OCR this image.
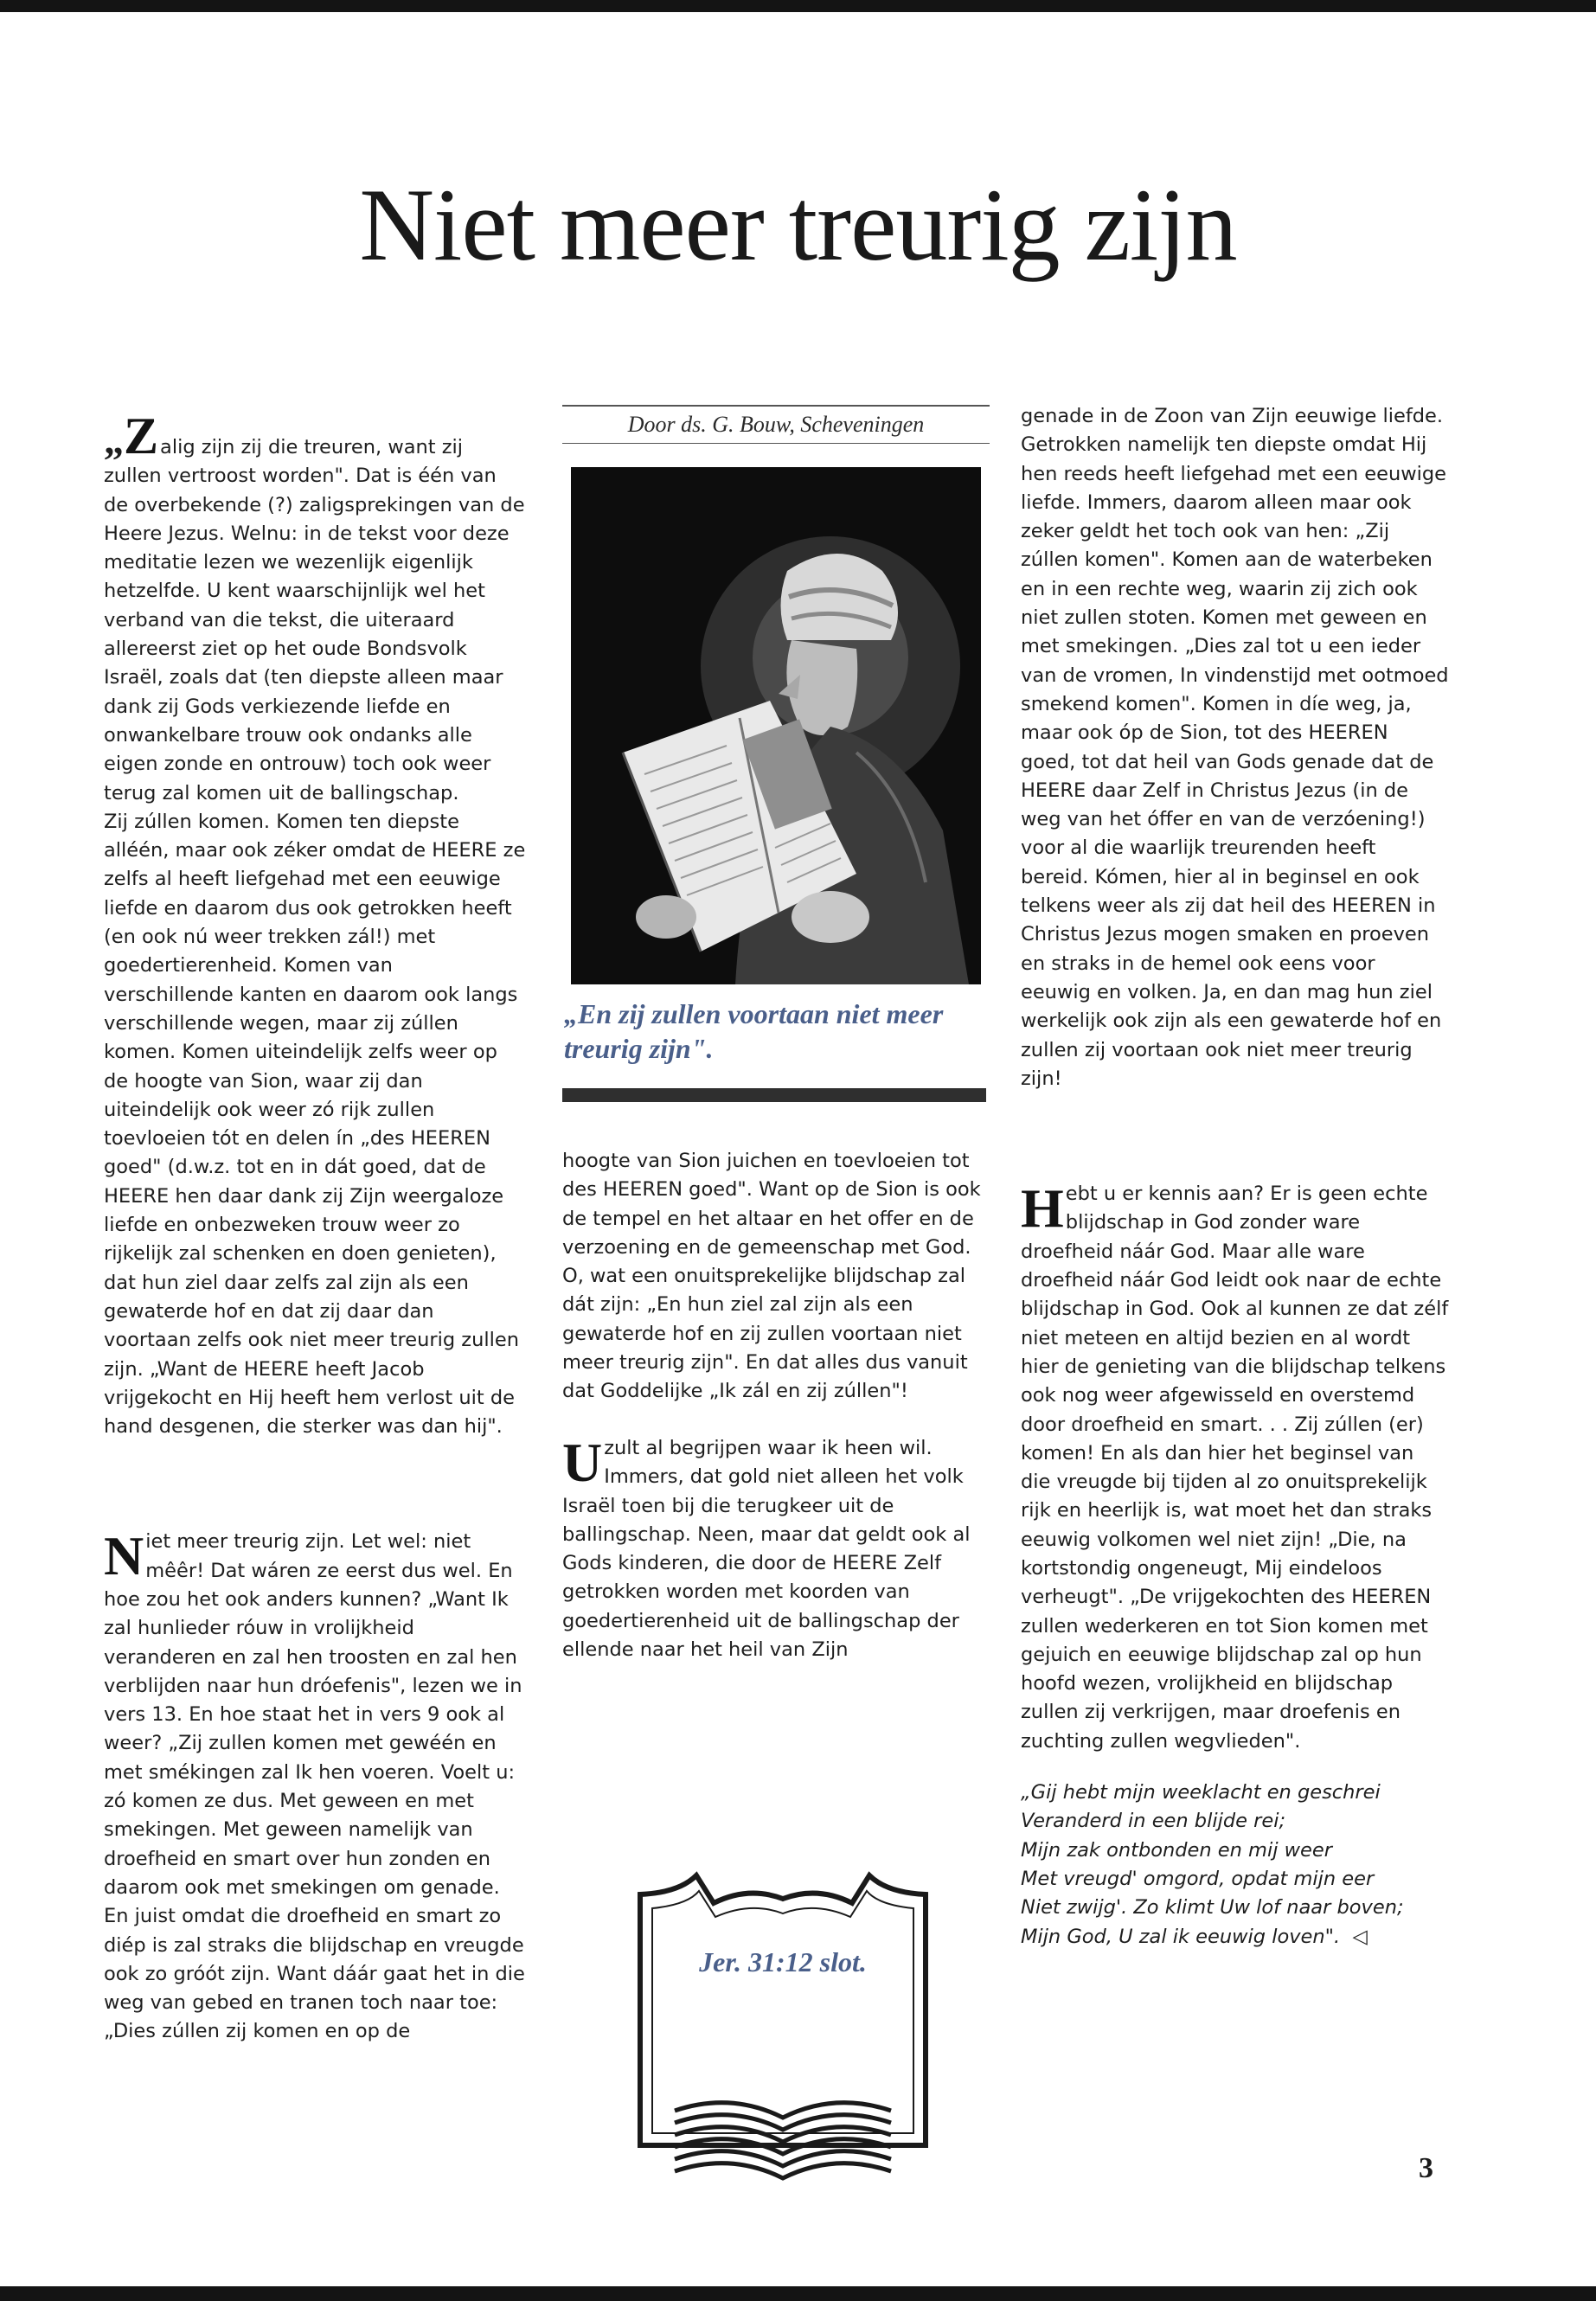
Niet meer treurig zijn

„Zalig zijn zij die treuren, want zij zullen vertroost worden". Dat is één van de overbekende (?) zaligsprekingen van de Heere Jezus. Welnu: in de tekst voor deze meditatie lezen we wezenlijk eigenlijk hetzelfde. U kent waarschijnlijk wel het verband van die tekst, die uiteraard allereerst ziet op het oude Bondsvolk Israël, zoals dat (ten diepste alleen maar dank zij Gods verkiezende liefde en onwankelbare trouw ook ondanks alle eigen zonde en ontrouw) toch ook weer terug zal komen uit de ballingschap.

Zij zúllen komen. Komen ten diepste alléén, maar ook zéker omdat de HEERE ze zelfs al heeft liefgehad met een eeuwige liefde en daarom dus ook getrokken heeft (en ook nú weer trekken zál!) met goedertierenheid. Komen van verschillende kanten en daarom ook langs verschillende wegen, maar zij zúllen komen. Komen uiteindelijk zelfs weer op de hoogte van Sion, waar zij dan uiteindelijk ook weer zó rijk zullen toevloeien tót en delen ín „des HEEREN goed" (d.w.z. tot en in dát goed, dat de HEERE hen daar dank zij Zijn weergaloze liefde en onbezweken trouw weer zo rijkelijk zal schenken en doen genieten), dat hun ziel daar zelfs zal zijn als een gewaterde hof en dat zij daar dan voortaan zelfs ook niet meer treurig zullen zijn. „Want de HEERE heeft Jacob vrijgekocht en Hij heeft hem verlost uit de hand desgenen, die sterker was dan hij".

Niet meer treurig zijn. Let wel: niet mêêr! Dat wáren ze eerst dus wel. En hoe zou het ook anders kunnen? „Want Ik zal hunlieder róuw in vrolijkheid veranderen en zal hen troosten en zal hen verblijden naar hun dróefenis", lezen we in vers 13. En hoe staat het in vers 9 ook al weer? „Zij zullen komen met gewéén en met smékingen zal Ik hen voeren. Voelt u: zó komen ze dus. Met geween en met smekingen. Met geween namelijk van droefheid en smart over hun zonden en daarom ook met smekingen om genade. En juist omdat die droefheid en smart zo diép is zal straks die blijdschap en vreugde ook zo gróót zijn. Want dáár gaat het in die weg van gebed en tranen toch naar toe: „Dies zúllen zij komen en op de

Door ds. G. Bouw, Scheveningen
„En zij zullen voortaan niet meer treurig zijn".

hoogte van Sion juichen en toevloeien tot des HEEREN goed". Want op de Sion is ook de tempel en het altaar en het offer en de verzoening en de gemeenschap met God. O, wat een onuitsprekelijke blijdschap zal dát zijn: „En hun ziel zal zijn als een gewaterde hof en zij zullen voortaan niet meer treurig zijn". En dat alles dus vanuit dat Goddelijke „Ik zál en zij zúllen"!

U zult al begrijpen waar ik heen wil. Immers, dat gold niet alleen het volk Israël toen bij die terugkeer uit de ballingschap. Neen, maar dat geldt ook al Gods kinderen, die door de HEERE Zelf getrokken worden met koorden van goedertierenheid uit de ballingschap der ellende naar het heil van Zijn

Jer. 31:12 slot.

genade in de Zoon van Zijn eeuwige liefde. Getrokken namelijk ten diepste omdat Hij hen reeds heeft liefgehad met een eeuwige liefde. Immers, daarom alleen maar ook zeker geldt het toch ook van hen: „Zij zúllen komen". Komen aan de waterbeken en in een rechte weg, waarin zij zich ook niet zullen stoten. Komen met geween en met smekingen. „Dies zal tot u een ieder van de vromen, In vindenstijd met ootmoed smekend komen". Komen in díe weg, ja, maar ook óp de Sion, tot des HEEREN goed, tot dat heil van Gods genade dat de HEERE daar Zelf in Christus Jezus (in de weg van het óffer en van de verzóening!) voor al die waarlijk treurenden heeft bereid. Kómen, hier al in beginsel en ook telkens weer als zij dat heil des HEEREN in Christus Jezus mogen smaken en proeven en straks in de hemel ook eens voor eeuwig en volken. Ja, en dan mag hun ziel werkelijk ook zijn als een gewaterde hof en zullen zij voortaan ook niet meer treurig zijn!

Hebt u er kennis aan? Er is geen echte blijdschap in God zonder ware droefheid náár God. Maar alle ware droefheid náár God leidt ook naar de echte blijdschap in God. Ook al kunnen ze dat zélf niet meteen en altijd bezien en al wordt hier de genieting van die blijdschap telkens ook nog weer afgewisseld en overstemd door droefheid en smart. . . Zij zúllen (er) komen! En als dan hier het beginsel van die vreugde bij tijden al zo onuitsprekelijk rijk en heerlijk is, wat moet het dan straks eeuwig volkomen wel niet zijn! „Die, na kortstondig ongeneugt, Mij eindeloos verheugt". „De vrijgekochten des HEEREN zullen wederkeren en tot Sion komen met gejuich en eeuwige blijdschap zal op hun hoofd wezen, vrolijkheid en blijdschap zullen zij verkrijgen, maar droefenis en zuchting zullen wegvlieden".

„Gij hebt mijn weeklacht en geschrei
Veranderd in een blijde rei;
Mijn zak ontbonden en mij weer
Met vreugd' omgord, opdat mijn eer
Niet zwijg'. Zo klimt Uw lof naar boven;
Mijn God, U zal ik eeuwig loven". ◁
3
